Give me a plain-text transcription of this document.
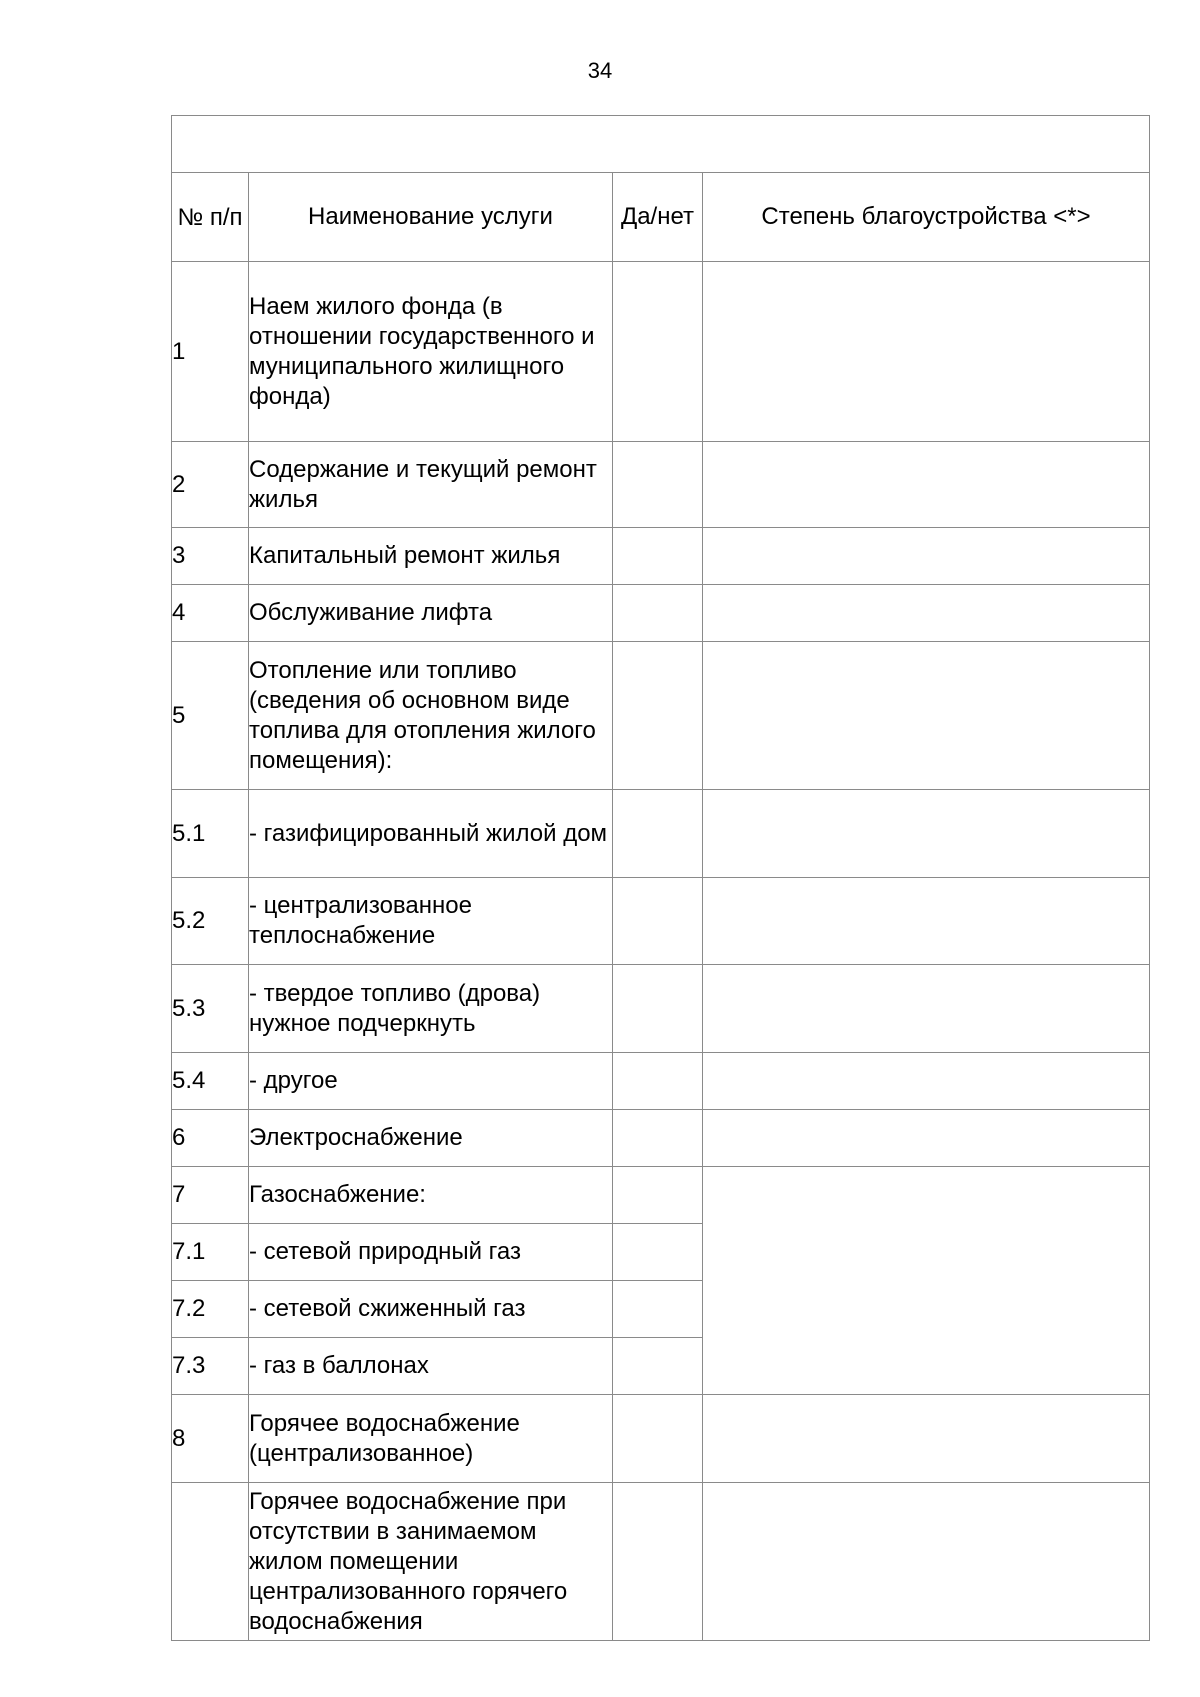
34

№ п/п	Наименование услуги	Да/нет	Степень благоустройства <*>
1	Наем жилого фонда (в отношении государственного и муниципального жилищного фонда)		
2	Содержание и текущий ремонт жилья		
3	Капитальный ремонт жилья		
4	Обслуживание лифта		
5	Отопление или топливо (сведения об основном виде топлива для отопления жилого помещения):		
5.1	- газифицированный жилой дом		
5.2	- централизованное теплоснабжение		
5.3	- твердое топливо (дрова) нужное подчеркнуть		
5.4	- другое		
6	Электроснабжение		
7	Газоснабжение:		
7.1	- сетевой природный газ		
7.2	- сетевой сжиженный газ		
7.3	- газ в баллонах		
8	Горячее водоснабжение (централизованное)		
	Горячее водоснабжение при отсутствии в занимаемом жилом помещении централизованного горячего водоснабжения		
